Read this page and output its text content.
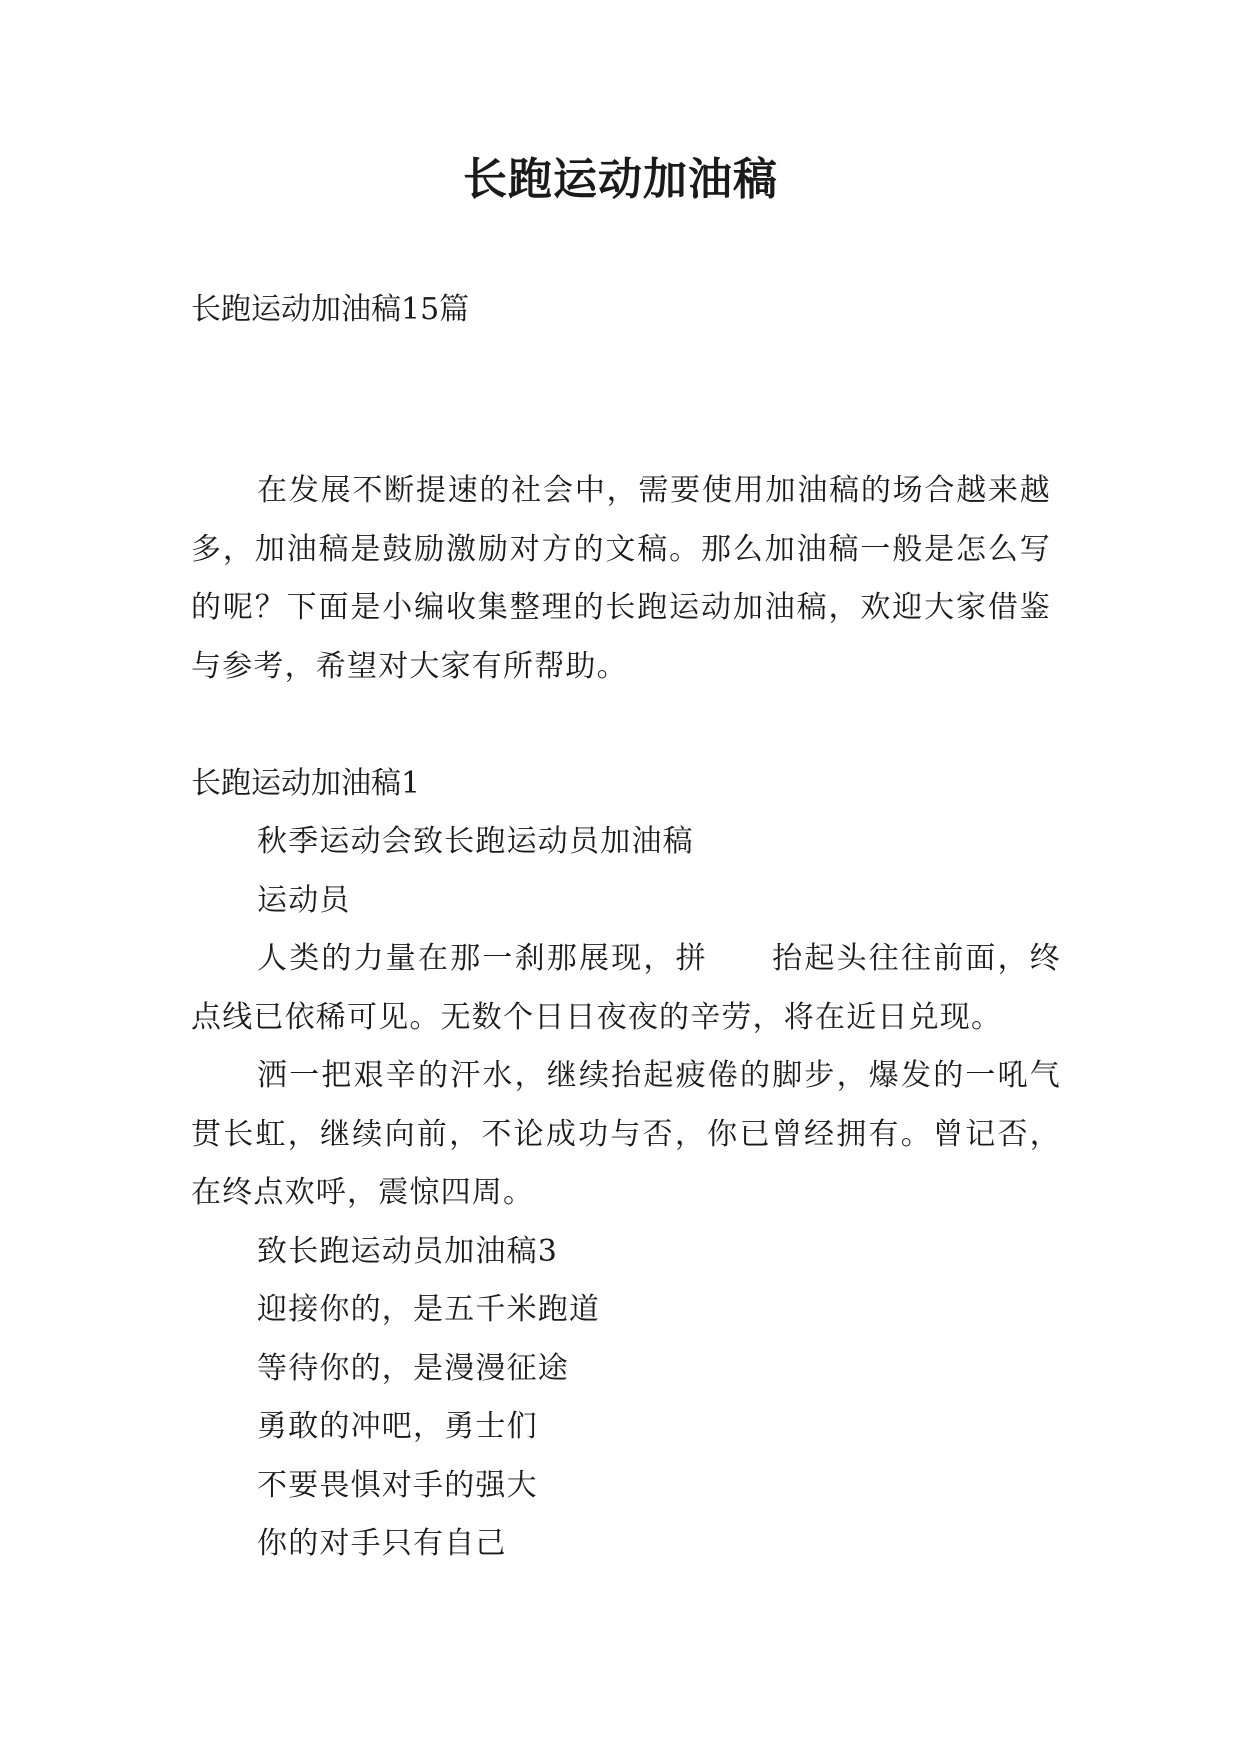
长跑运动加油稿
长跑运动加油稿15篇

在发展不断提速的社会中，需要使用加油稿的场合越来越多，加油稿是鼓励激励对方的文稿。那么加油稿一般是怎么写的呢？下面是小编收集整理的长跑运动加油稿，欢迎大家借鉴与参考，希望对大家有所帮助。

长跑运动加油稿1

秋季运动会致长跑运动员加油稿

运动员

人类的力量在那一刹那展现，拼　　抬起头往往前面，终点线已依稀可见。无数个日日夜夜的辛劳，将在近日兑现。

洒一把艰辛的汗水，继续抬起疲倦的脚步，爆发的一吼气贯长虹，继续向前，不论成功与否，你已曾经拥有。曾记否，在终点欢呼，震惊四周。

致长跑运动员加油稿3

迎接你的，是五千米跑道

等待你的，是漫漫征途

勇敢的冲吧，勇士们

不要畏惧对手的强大

你的对手只有自己
